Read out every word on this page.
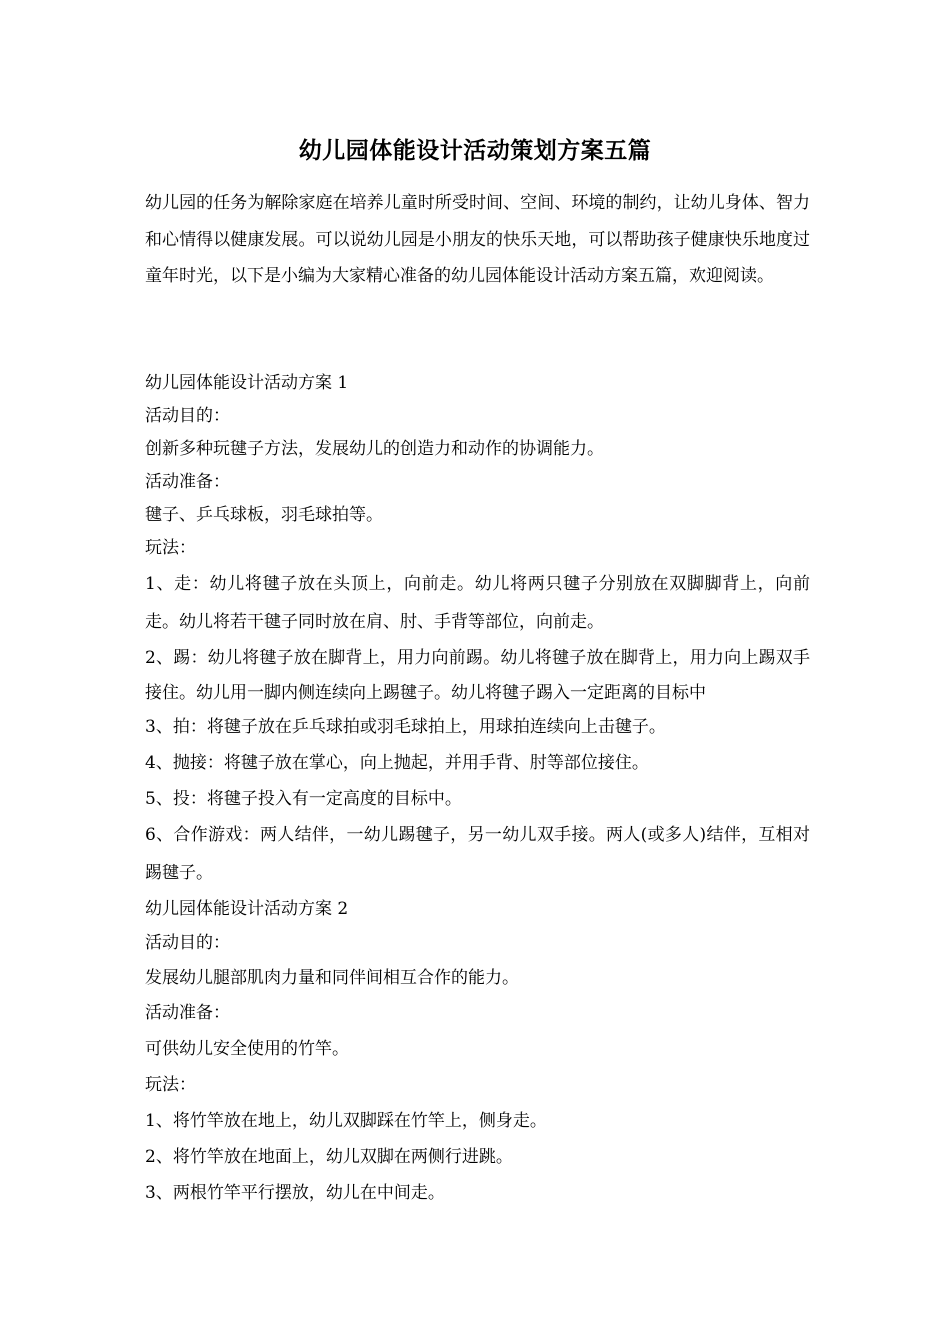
幼儿园体能设计活动策划方案五篇

幼儿园的任务为解除家庭在培养儿童时所受时间、空间、环境的制约，让幼儿身体、智力和心情得以健康发展。可以说幼儿园是小朋友的快乐天地，可以帮助孩子健康快乐地度过童年时光，以下是小编为大家精心准备的幼儿园体能设计活动方案五篇，欢迎阅读。

幼儿园体能设计活动方案 1
活动目的：
创新多种玩毽子方法，发展幼儿的创造力和动作的协调能力。
活动准备：
毽子、乒乓球板，羽毛球拍等。
玩法：
1、走：幼儿将毽子放在头顶上，向前走。幼儿将两只毽子分别放在双脚脚背上，向前走。幼儿将若干毽子同时放在肩、肘、手背等部位，向前走。
2、踢：幼儿将毽子放在脚背上，用力向前踢。幼儿将毽子放在脚背上，用力向上踢双手接住。幼儿用一脚内侧连续向上踢毽子。幼儿将毽子踢入一定距离的目标中
3、拍：将毽子放在乒乓球拍或羽毛球拍上，用球拍连续向上击毽子。
4、抛接：将毽子放在掌心，向上抛起，并用手背、肘等部位接住。
5、投：将毽子投入有一定高度的目标中。
6、合作游戏：两人结伴，一幼儿踢毽子，另一幼儿双手接。两人(或多人)结伴，互相对踢毽子。
幼儿园体能设计活动方案 2
活动目的：
发展幼儿腿部肌肉力量和同伴间相互合作的能力。
活动准备：
可供幼儿安全使用的竹竿。
玩法：
1、将竹竿放在地上，幼儿双脚踩在竹竿上，侧身走。
2、将竹竿放在地面上，幼儿双脚在两侧行进跳。
3、两根竹竿平行摆放，幼儿在中间走。
